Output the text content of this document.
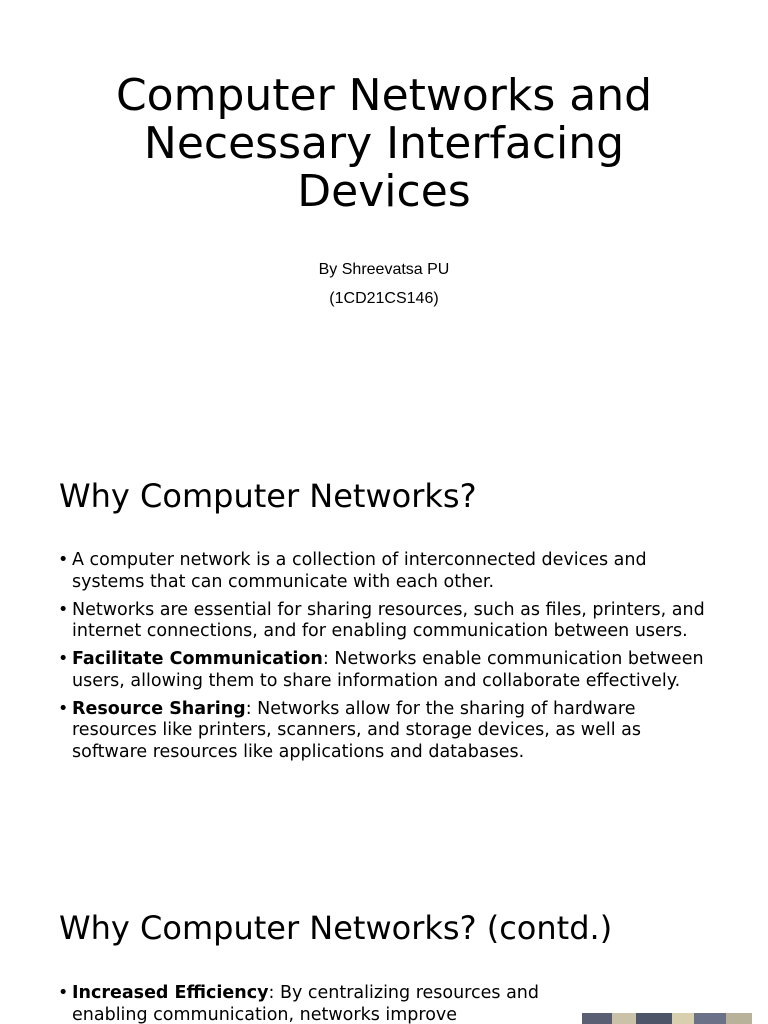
Computer Networks and
Necessary Interfacing
Devices

By Shreevatsa PU

(1CD21CS146)

Why Computer Networks?
• A computer network is a collection of interconnected devices and systems that can communicate with each other.
• Networks are essential for sharing resources, such as files, printers, and internet connections, and for enabling communication between users.
• Facilitate Communication: Networks enable communication between users, allowing them to share information and collaborate effectively.
• Resource Sharing: Networks allow for the sharing of hardware resources like printers, scanners, and storage devices, as well as software resources like applications and databases.
Why Computer Networks? (contd.)
• Increased Efficiency: By centralizing resources and enabling communication, networks improve
